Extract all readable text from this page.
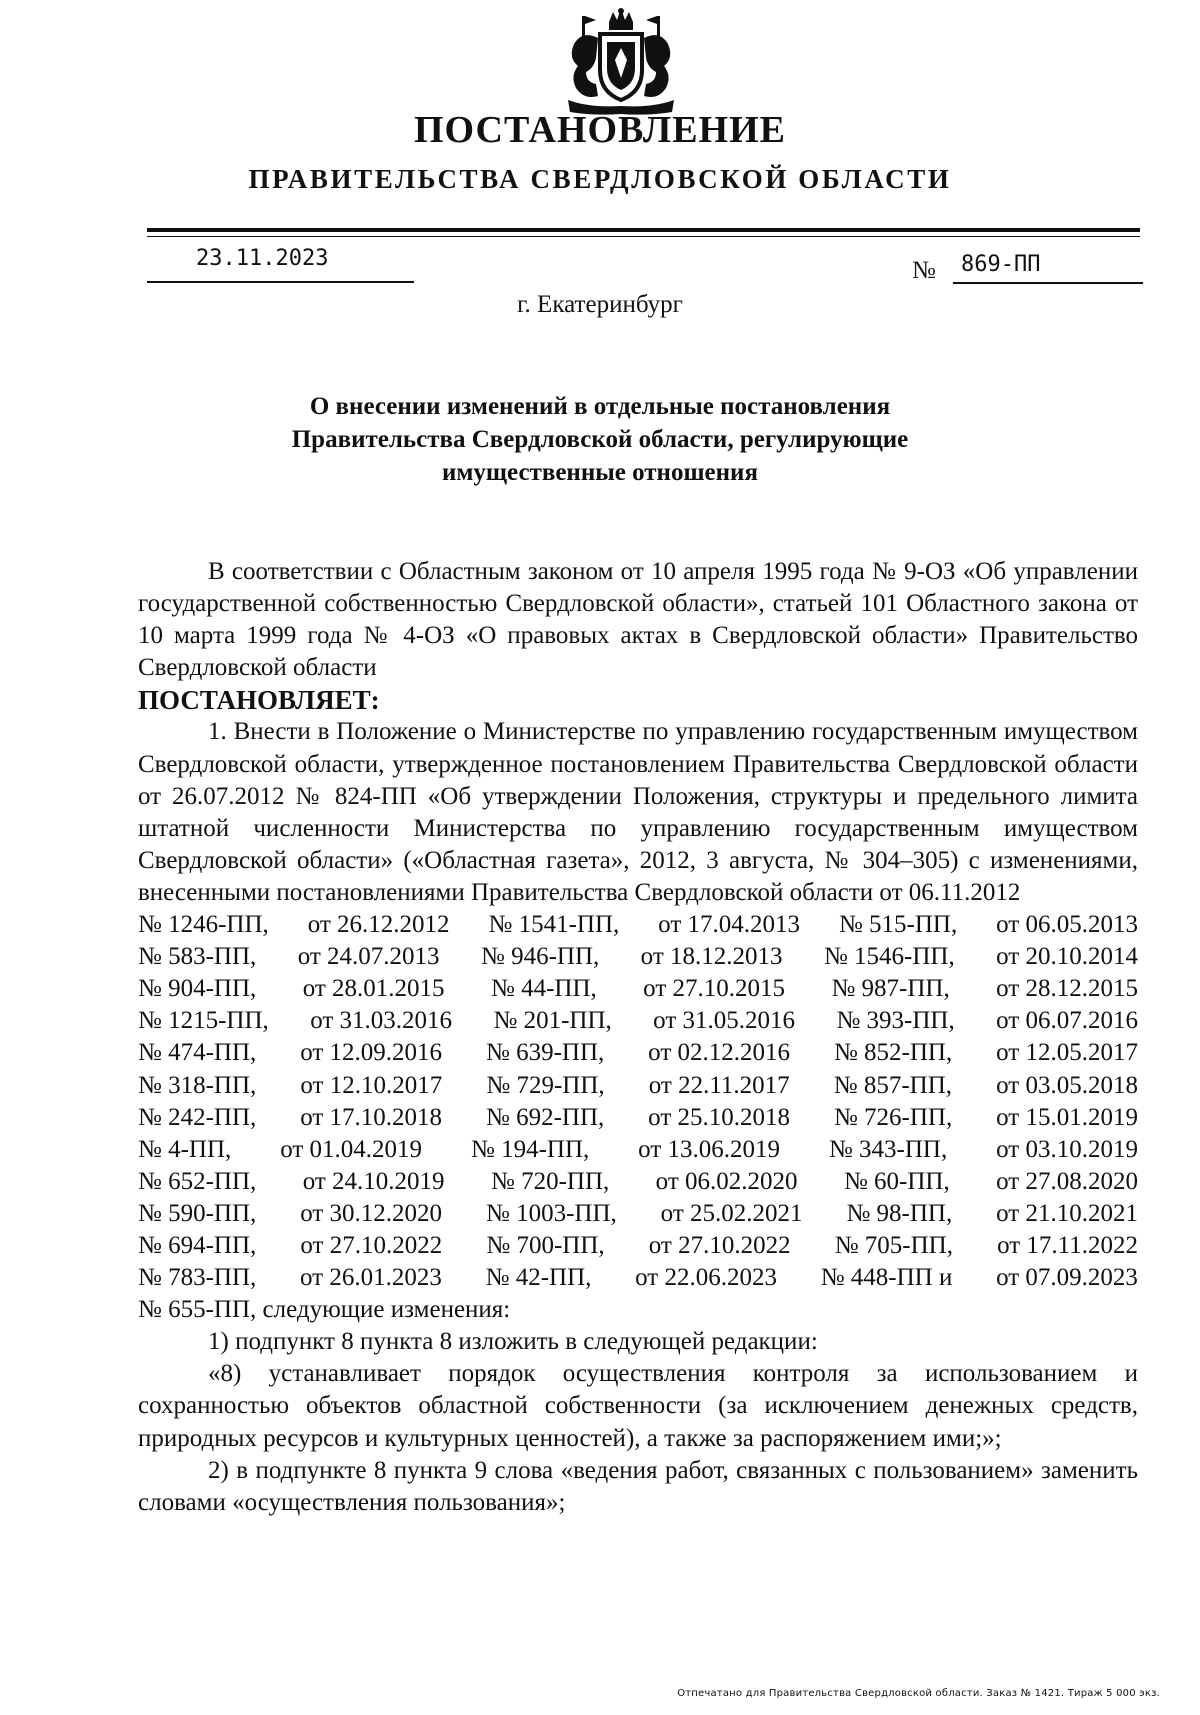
ПОСТАНОВЛЕНИЕ
ПРАВИТЕЛЬСТВА СВЕРДЛОВСКОЙ ОБЛАСТИ
23.11.2023	№ 869-ПП
г. Екатеринбург
О внесении изменений в отдельные постановления
Правительства Свердловской области, регулирующие
имущественные отношения

В соответствии с Областным законом от 10 апреля 1995 года № 9-ОЗ «Об управлении государственной собственностью Свердловской области», статьей 101 Областного закона от 10 марта 1999 года № 4-ОЗ «О правовых актах в Свердловской области» Правительство Свердловской области

ПОСТАНОВЛЯЕТ:

1. Внести в Положение о Министерстве по управлению государственным имуществом Свердловской области, утвержденное постановлением Правительства Свердловской области от 26.07.2012 № 824-ПП «Об утверждении Положения, структуры и предельного лимита штатной численности Министерства по управлению государственным имуществом Свердловской области» («Областная газета», 2012, 3 августа, № 304–305) с изменениями, внесенными постановлениями Правительства Свердловской области от 06.11.2012

№ 1246-ПП, от 26.12.2012 № 1541-ПП, от 17.04.2013 № 515-ПП, от 06.05.2013
№ 583-ПП, от 24.07.2013 № 946-ПП, от 18.12.2013 № 1546-ПП, от 20.10.2014
№ 904-ПП, от 28.01.2015 № 44-ПП, от 27.10.2015 № 987-ПП, от 28.12.2015
№ 1215-ПП, от 31.03.2016 № 201-ПП, от 31.05.2016 № 393-ПП, от 06.07.2016
№ 474-ПП, от 12.09.2016 № 639-ПП, от 02.12.2016 № 852-ПП, от 12.05.2017
№ 318-ПП, от 12.10.2017 № 729-ПП, от 22.11.2017 № 857-ПП, от 03.05.2018
№ 242-ПП, от 17.10.2018 № 692-ПП, от 25.10.2018 № 726-ПП, от 15.01.2019
№ 4-ПП, от 01.04.2019 № 194-ПП, от 13.06.2019 № 343-ПП, от 03.10.2019
№ 652-ПП, от 24.10.2019 № 720-ПП, от 06.02.2020 № 60-ПП, от 27.08.2020
№ 590-ПП, от 30.12.2020 № 1003-ПП, от 25.02.2021 № 98-ПП, от 21.10.2021
№ 694-ПП, от 27.10.2022 № 700-ПП, от 27.10.2022 № 705-ПП, от 17.11.2022
№ 783-ПП, от 26.01.2023 № 42-ПП, от 22.06.2023 № 448-ПП и от 07.09.2023

№ 655-ПП, следующие изменения:

1) подпункт 8 пункта 8 изложить в следующей редакции:

«8) устанавливает порядок осуществления контроля за использованием и сохранностью объектов областной собственности (за исключением денежных средств, природных ресурсов и культурных ценностей), а также за распоряжением ими;»;

2) в подпункте 8 пункта 9 слова «ведения работ, связанных с пользованием» заменить словами «осуществления пользования»;

Отпечатано для Правительства Свердловской области. Заказ № 1421. Тираж 5 000 экз.
